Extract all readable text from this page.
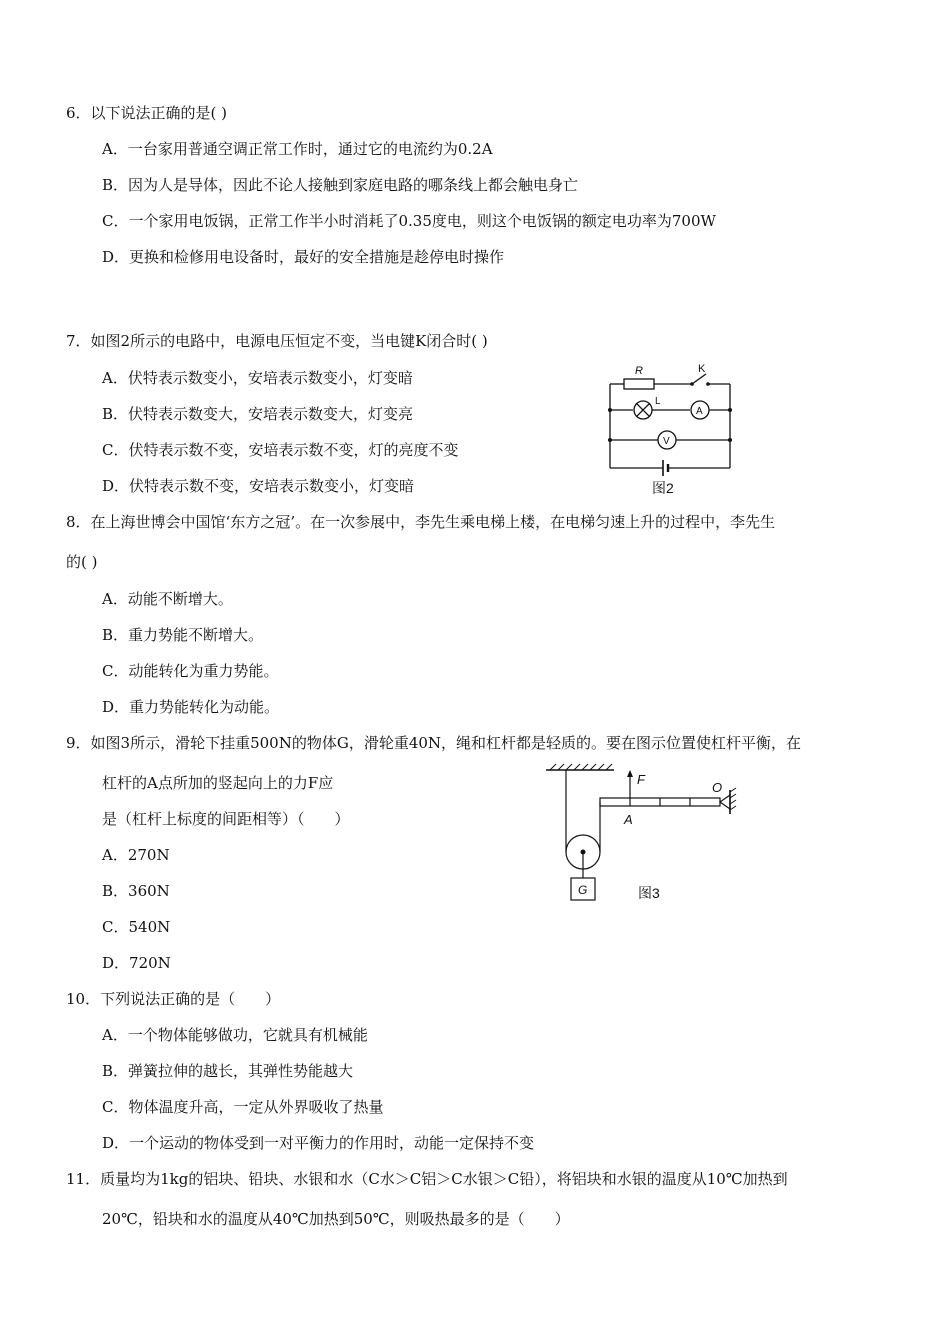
6．以下说法正确的是( )
A．一台家用普通空调正常工作时，通过它的电流约为0.2A
B．因为人是导体，因此不论人接触到家庭电路的哪条线上都会触电身亡
C．一个家用电饭锅，正常工作半小时消耗了0.35度电，则这个电饭锅的额定电功率为700W
D．更换和检修用电设备时，最好的安全措施是趁停电时操作
7．如图2所示的电路中，电源电压恒定不变，当电键K闭合时( )
A．伏特表示数变小，安培表示数变小，灯变暗
B．伏特表示数变大，安培表示数变大，灯变亮
C．伏特表示数不变，安培表示数不变，灯的亮度不变
D．伏特表示数不变，安培表示数变小，灯变暗
R	K
L
A
V
图2
8．在上海世博会中国馆‘东方之冠’。在一次参展中，李先生乘电梯上楼，在电梯匀速上升的过程中，李先生
的( )
A．动能不断增大。
B．重力势能不断增大。
C．动能转化为重力势能。
D．重力势能转化为动能。
9．如图3所示，滑轮下挂重500N的物体G，滑轮重40N，绳和杠杆都是轻质的。要在图示位置使杠杆平衡，在
杠杆的A点所加的竖起向上的力F应
是（杠杆上标度的间距相等）（　　）
A．270N
B．360N
C．540N
D．720N
F
O
A
G	图3
10．下列说法正确的是（　　）
A．一个物体能够做功，它就具有机械能
B．弹簧拉伸的越长，其弹性势能越大
C．物体温度升高，一定从外界吸收了热量
D．一个运动的物体受到一对平衡力的作用时，动能一定保持不变
11．质量均为1kg的铝块、铅块、水银和水（C水＞C铝＞C水银＞C铅），将铝块和水银的温度从10℃加热到
20℃，铅块和水的温度从40℃加热到50℃，则吸热最多的是（　　）
